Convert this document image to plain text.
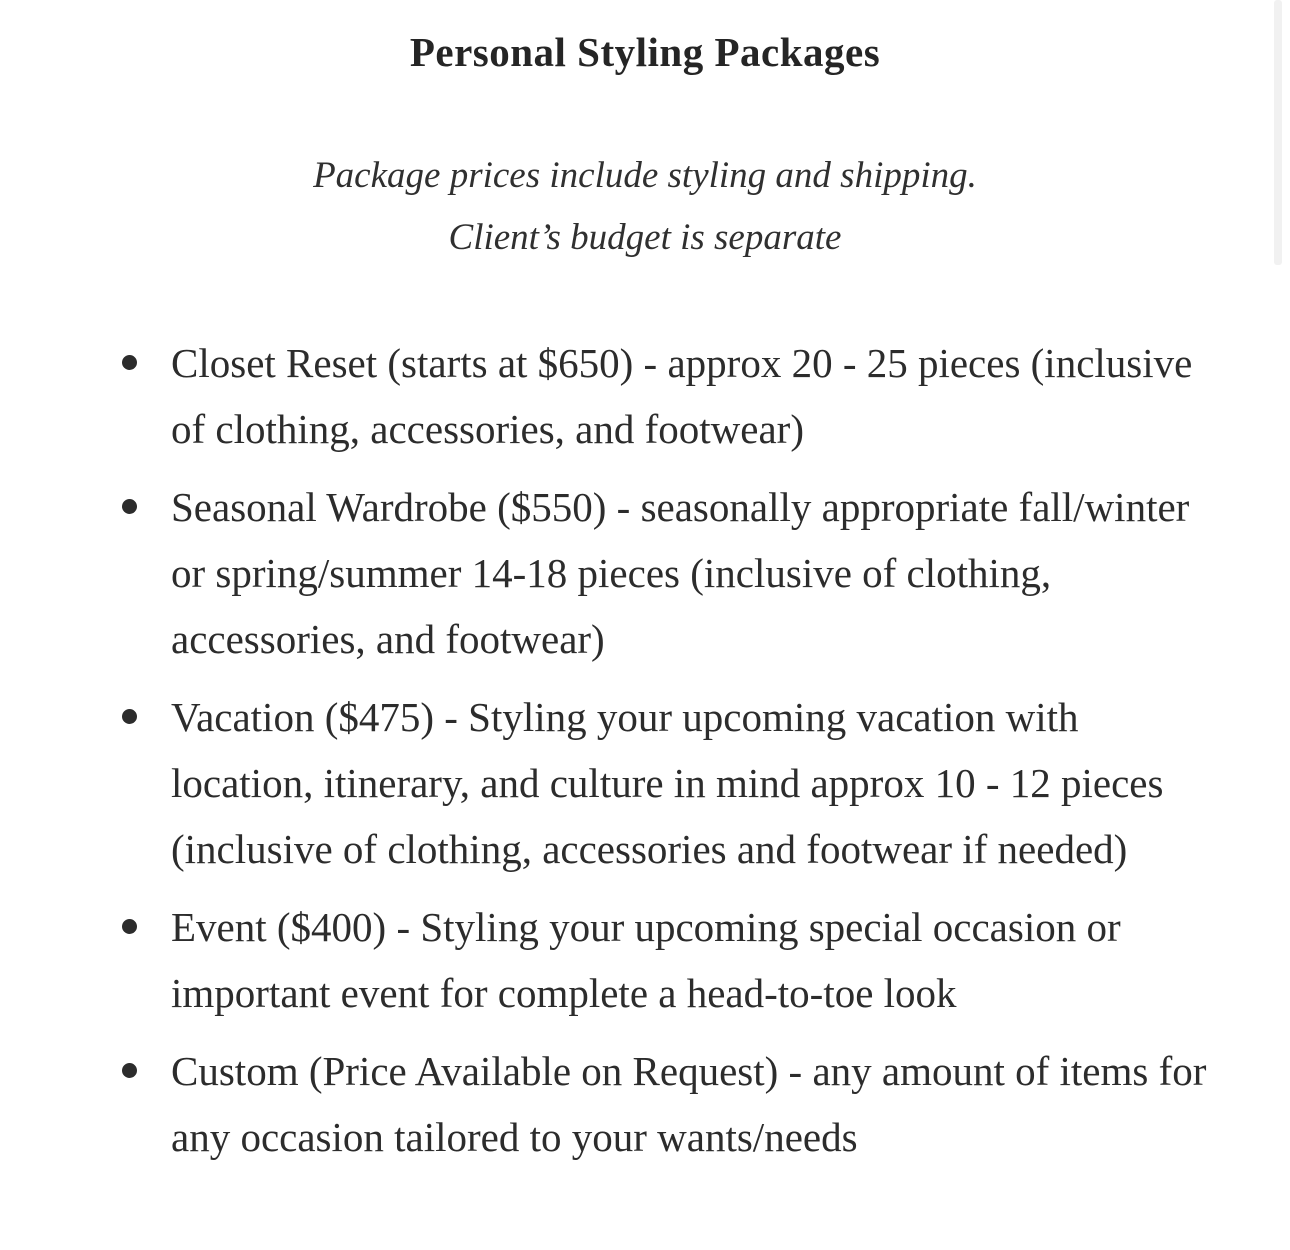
Personal Styling Packages

Package prices include styling and shipping.

Client’s budget is separate

Closet Reset (starts at $650) - approx 20 - 25 pieces (inclusive of clothing, accessories, and footwear)
Seasonal Wardrobe ($550) - seasonally appropriate fall/winter or spring/summer 14-18 pieces (inclusive of clothing, accessories, and footwear)
Vacation ($475) - Styling your upcoming vacation with location, itinerary, and culture in mind approx 10 - 12 pieces (inclusive of clothing, accessories and footwear if needed)
Event ($400) - Styling your upcoming special occasion or important event for complete a head-to-toe look
Custom (Price Available on Request) - any amount of items for any occasion tailored to your wants/needs
